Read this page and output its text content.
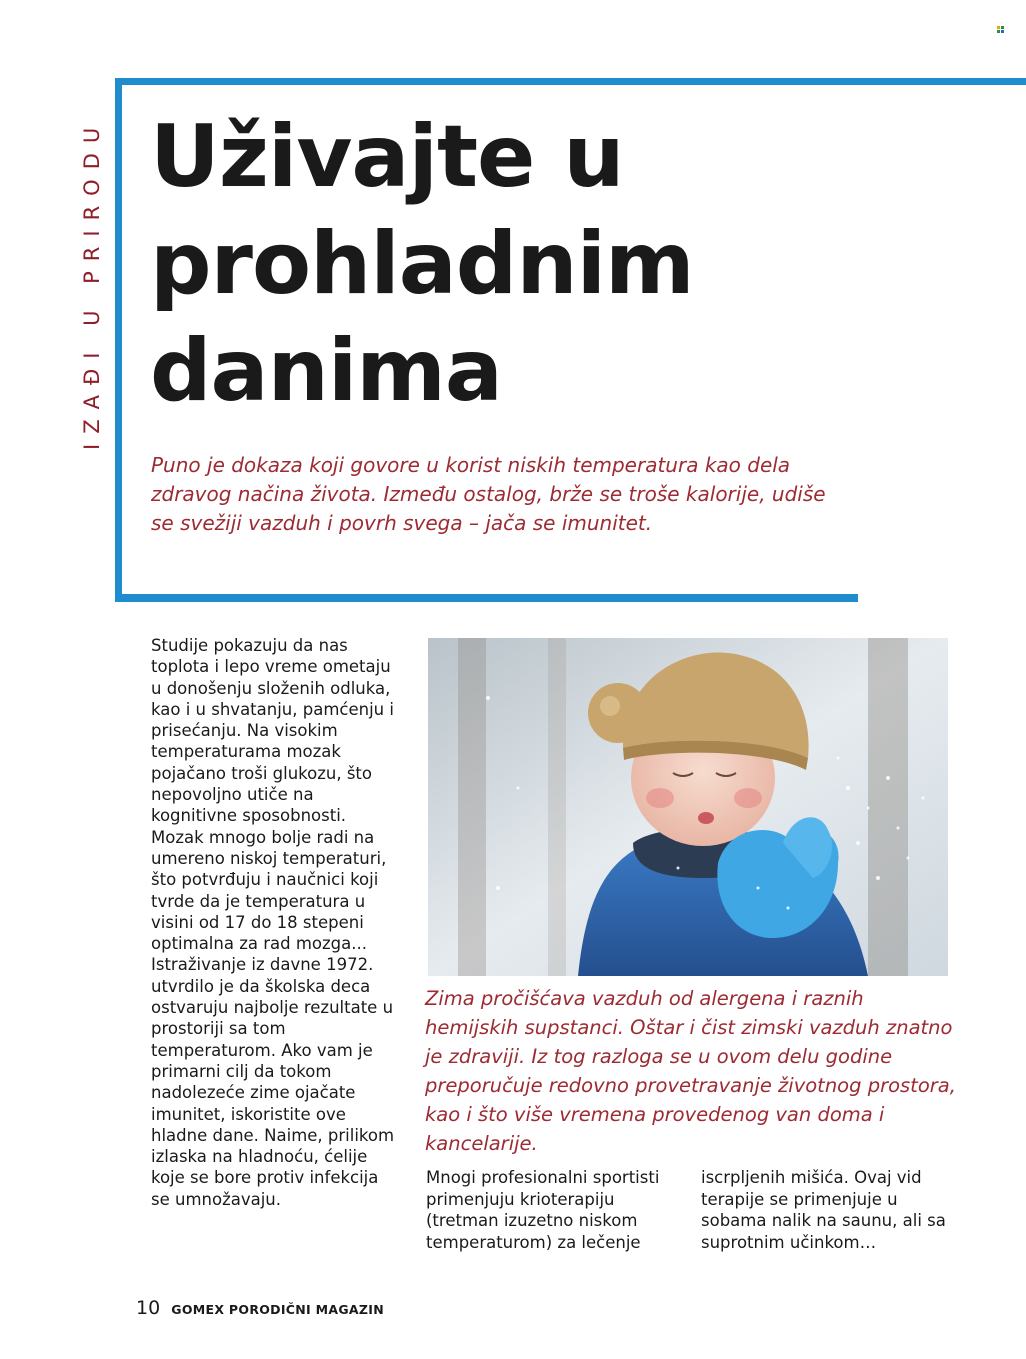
IZAĐI U PRIRODU Uživajte u
prohladnim
danima

Puno je dokaza koji govore u korist niskih temperatura kao dela zdravog načina života. Između ostalog, brže se troše kalorije, udiše se svežiji vazduh i povrh svega – jača se imunitet.

Studije pokazuju da nas toplota i lepo vreme ometaju u donošenju složenih odluka, kao i u shvatanju, pamćenju i prisećanju. Na visokim temperaturama mozak pojačano troši glukozu, što nepovoljno utiče na kognitivne sposobnosti. Mozak mnogo bolje radi na umereno niskoj temperaturi, što potvrđuju i naučnici koji tvrde da je temperatura u visini od 17 do 18 stepeni optimalna za rad mozga... Istraživanje iz davne 1972. utvrdilo je da školska deca ostvaruju najbolje rezultate u prostoriji sa tom temperaturom. Ako vam je primarni cilj da tokom nadolezeće zime ojačate imunitet, iskoristite ove hladne dane. Naime, prilikom izlaska na hladnoću, ćelije koje se bore protiv infekcija se umnožavaju.

Zima pročišćava vazduh od alergena i raznih hemijskih supstanci. Oštar i čist zimski vazduh znatno je zdraviji. Iz tog razloga se u ovom delu godine preporučuje redovno provetravanje životnog prostora, kao i što više vremena provedenog van doma i kancelarije.

Mnogi profesionalni sportisti primenjuju krioterapiju (tretman izuzetno niskom temperaturom) za lečenje

iscrpljenih mišića. Ovaj vid terapije se primenjuje u sobama nalik na saunu, ali sa suprotnim učinkom…

10 GOMEX PORODIČNI MAGAZIN
